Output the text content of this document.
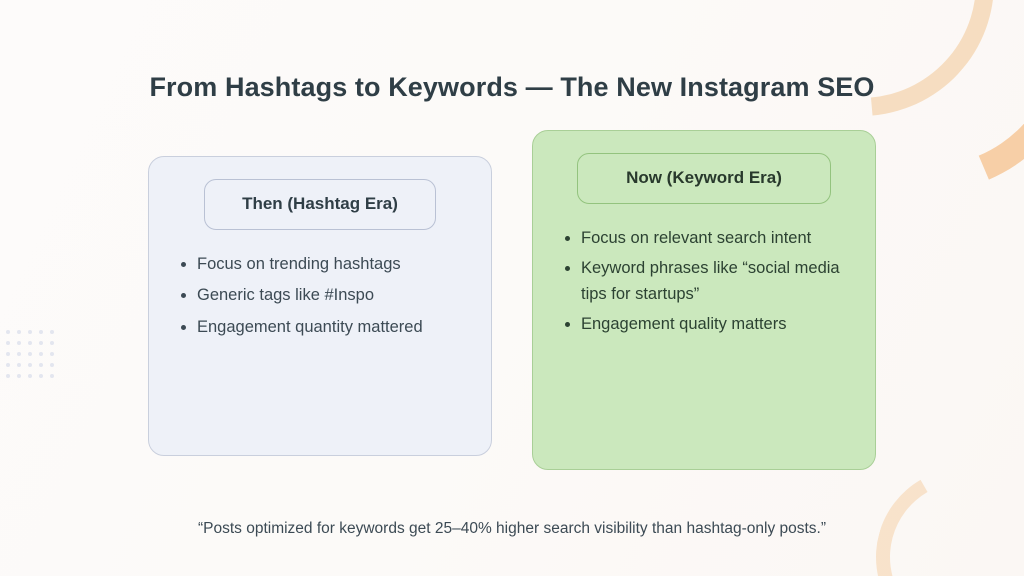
From Hashtags to Keywords — The New Instagram SEO
Then (Hashtag Era)
• Focus on trending hashtags
• Generic tags like #Inspo
• Engagement quantity mattered
Now (Keyword Era)
• Focus on relevant search intent
• Keyword phrases like “social media tips for startups”
• Engagement quality matters
“Posts optimized for keywords get 25–40% higher search visibility than hashtag-only posts.”
